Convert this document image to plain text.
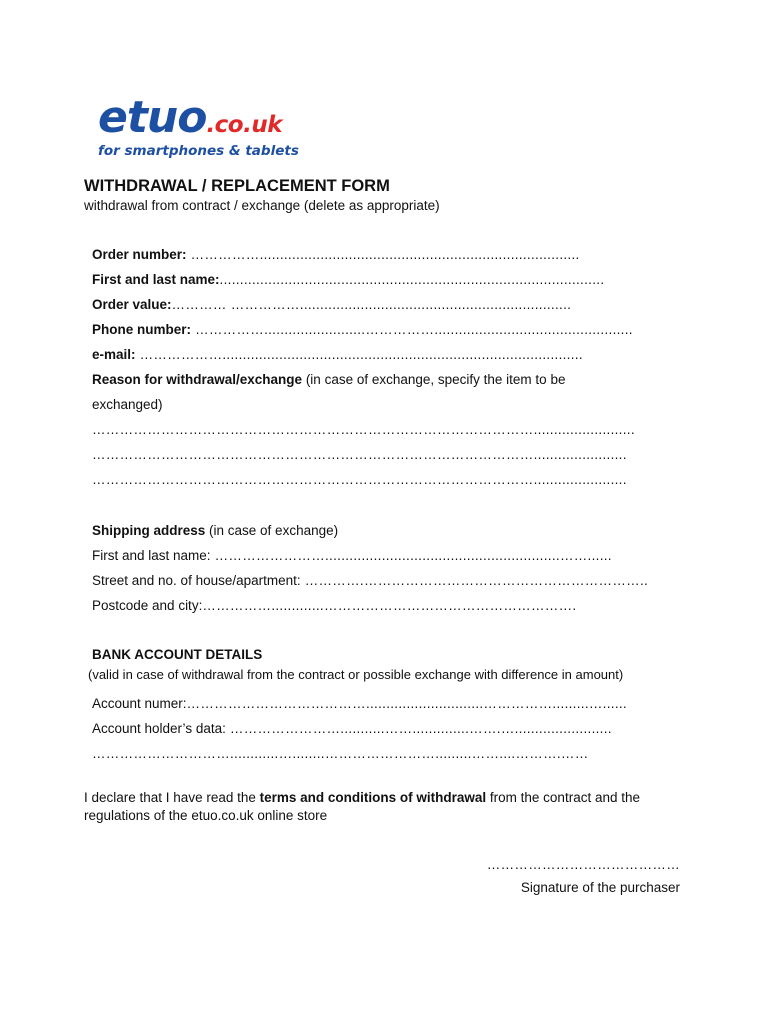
etuo.co.uk
for smartphones & tablets
WITHDRAWAL / REPLACEMENT FORM
withdrawal from contract / exchange (delete as appropriate)
Order number: ……………...............................................................................
First and last name:...............................................................................................
Order value:………… ……………...................................................................
Phone number: …………….........................…………….................................................
e-mail: ……………….........................................................................................
Reason for withdrawal/exchange (in case of exchange, specify the item to be
exchanged)
…………………………………………………………………………………….........................
…………………………………………………………………………………….......................
…………………………………………………………………………………….......................
Shipping address (in case of exchange)
First and last name: ……………………..........................................................……......
Street and no. of house/apartment: ………….……………………………………………………..
Postcode and city:…………….............……………………………………………….
BANK ACCOUNT DETAILS
(valid in case of withdrawal from the contract or possible exchange with difference in amount)
Account numer:………………………………….............................…………….........…......
Account holder’s data: ……………………...........……..............…….…........................
…………………………............…........…………………….........……....……….……
I declare that I have read the terms and conditions of withdrawal from the contract and the regulations of the etuo.co.uk online store
……………………………………
Signature of the purchaser
